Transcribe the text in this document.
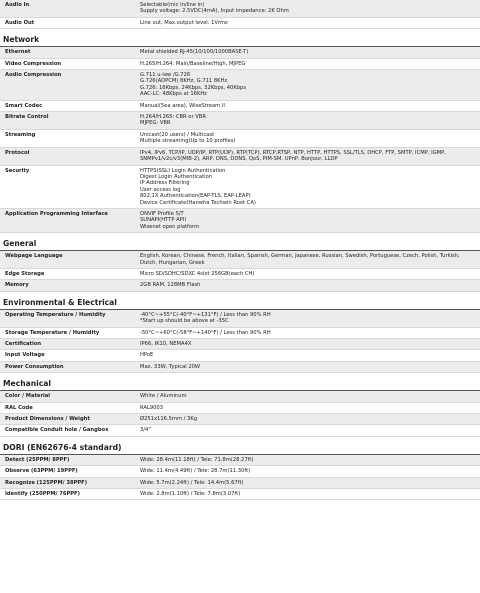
Audio In	Selectable(mic in/line in)
Supply voltage: 2.5VDC(4mA), Input impedance: 2K Ohm
Audio Out	Line out, Max.output level: 1Vrms
Network
Ethernet	Metal shielded RJ-45(10/100/1000BASE-T)
Video Compression	H.265/H.264: Main/Baseline/High, MJPEG
Audio Compression	G.711 u-law /G.726
G.726(ADPCM) 8KHz, G.711 8KHz
G.726: 16Kbps, 24Kbps, 32Kbps, 40Kbps
AAC-LC: 48Kbps at 16KHz
Smart Codec	Manual(5ea area), WiseStream II
Bitrate Control	H.264/H.265: CBR or VBR
MJPEG: VBR
Streaming	Unicast(20 users) / Multicast
Multiple streaming(Up to 10 profiles)
Protocol	IPv4, IPv6, TCP/IP, UDP/IP, RTP(UDP), RTP(TCP), RTCP,RTSP, NTP, HTTP, HTTPS, SSL/TLS, DHCP, FTP, SMTP, ICMP, IGMP,
SNMPv1/v2c/v3(MIB-2), ARP, DNS, DDNS, QoS, PIM-SM, UPnP, Bonjour, LLDP
Security	HTTPS(SSL) Login Authentication
Digest Login Authentication
IP Address Filtering
User access log
802.1X Authentication(EAP-TLS, EAP-LEAP)
Device Certificate(Hanwha Techwin Root CA)
Application Programming Interface	ONVIF Profile S/T
SUNAPI(HTTP API)
Wisenet open platform
General
Webpage Language	English, Korean, Chinese, French, Italian, Spanish, German, Japanese, Russian, Swedish, Portuguese, Czech, Polish, Turkish,
Dutch, Hungarian, Greek
Edge Storage	Micro SD/SDHC/SDXC 4slot 256GB(each CH)
Memory	2GB RAM, 128MB Flash
Environmental & Electrical
Operating Temperature / Humidity	-40°C~+55°C(-40°F~+131°F) / Less than 90% RH
*Start up should be above at -35C
Storage Temperature / Humidity	-50°C~+60°C(-58°F~+140°F) / Less than 90% RH
Certification	IP66, IK10, NEMA4X
Input Voltage	HPoE
Power Consumption	Max. 33W, Typical 20W
Mechanical
Color / Material	White / Aluminum
RAL Code	RAL9003
Product Dimensions / Weight	Ø251x116.5mm / 3Kg
Compatible Conduit hole / Gangbox	3/4"
DORI (EN62676-4 standard)
Detect (25PPM/ 8PPF)	Wide: 28.4m(11.18ft) / Tele: 71.8m(28.27ft)
Observe (63PPM/ 19PPF)	Wide: 11.4m(4.49ft) / Tele: 28.7m(11.30ft)
Recognize (125PPM/ 38PPF)	Wide: 5.7m(2.24ft) / Tele: 14.4m(5.67ft)
Identify (250PPM/ 76PPF)	Wide: 2.8m(1.10ft) / Tele: 7.8m(3.07ft)
